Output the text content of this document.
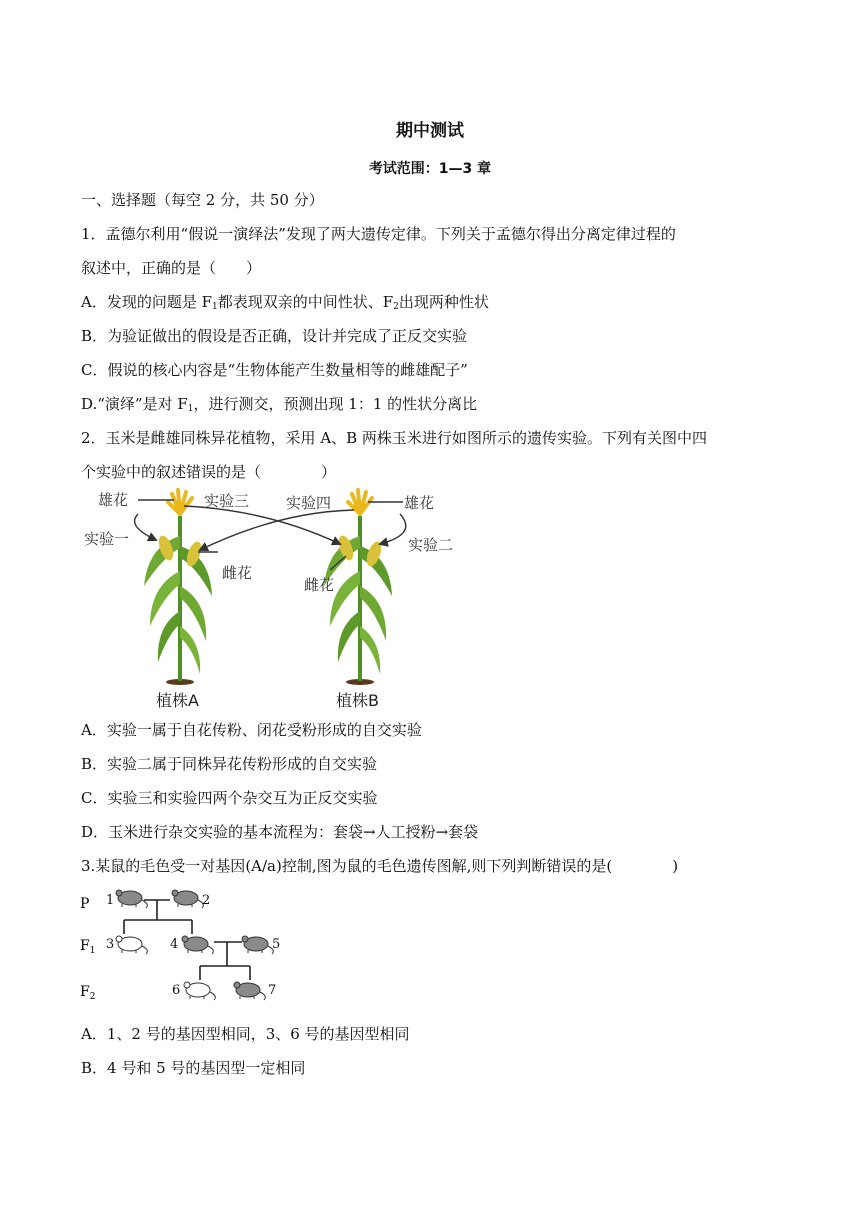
期中测试
考试范围：1—3 章
一、选择题（每空 2 分，共 50 分）
1．孟德尔利用“假说一演绎法”发现了两大遗传定律。下列关于孟德尔得出分离定律过程的
叙述中，正确的是（　　）
A．发现的问题是 $F_1$都表现双亲的中间性状、$F_2$出现两种性状
B．为验证做出的假设是否正确，设计并完成了正反交实验
C．假说的核心内容是“生物体能产生数量相等的雌雄配子”
D.“演绎”是对 $F_1$，进行测交，预测出现 1：1 的性状分离比
2．玉米是雌雄同株异花植物，采用 A、B 两株玉米进行如图所示的遗传实验。下列有关图中四
个实验中的叙述错误的是（　　　　）
雄花
实验一
实验三 实验四	雄花
实验二
雌花
雌花
植株A	植株B
A．实验一属于自花传粉、闭花受粉形成的自交实验
B．实验二属于同株异花传粉形成的自交实验
C．实验三和实验四两个杂交互为正反交实验
D．玉米进行杂交实验的基本流程为：套袋→人工授粉→套袋
3.某鼠的毛色受一对基因(A/a)控制,图为鼠的毛色遗传图解,则下列判断错误的是(　　　　)
P
$F_1$
$F_2$
1	2
3	4	5
6	7
A．1、2 号的基因型相同，3、6 号的基因型相同
B．4 号和 5 号的基因型一定相同
